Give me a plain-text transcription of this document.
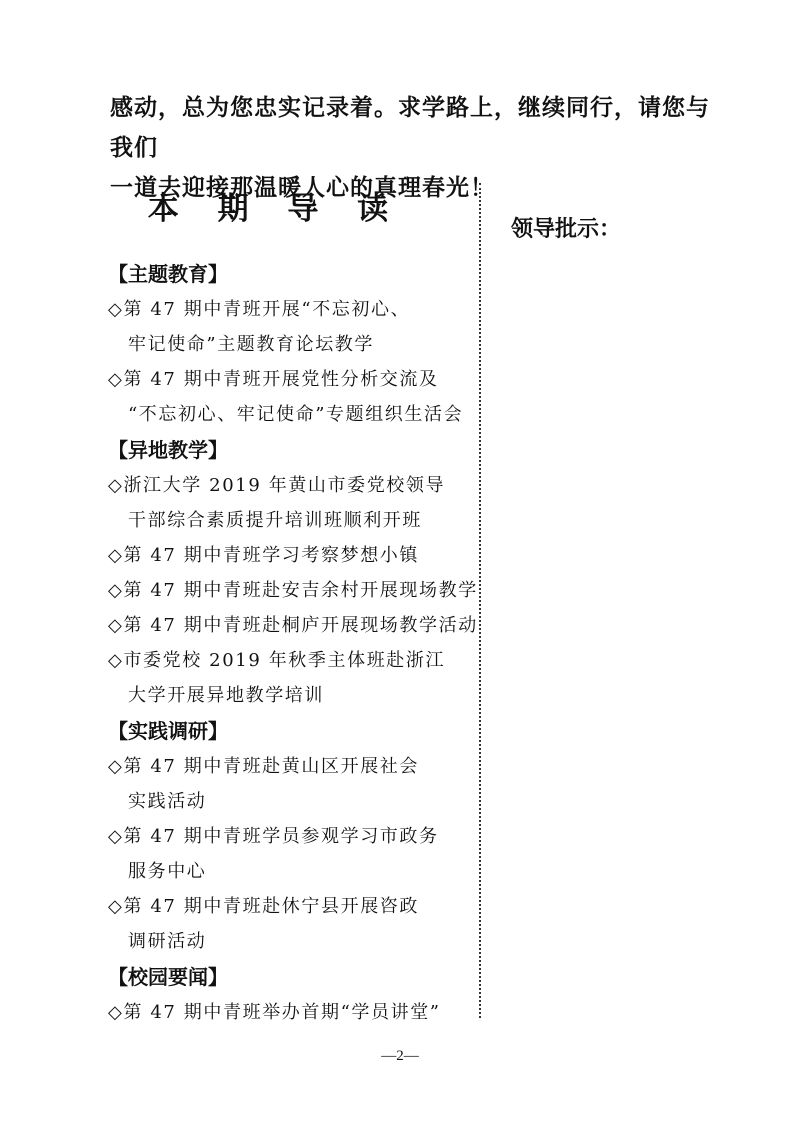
感动，总为您忠实记录着。求学路上，继续同行，请您与我们

一道去迎接那温暖人心的真理春光！

本 期 导 读
【主题教育】
◇第 47 期中青班开展“不忘初心、
牢记使命”主题教育论坛教学
◇第 47 期中青班开展党性分析交流及
“不忘初心、牢记使命”专题组织生活会
【异地教学】
◇浙江大学 2019 年黄山市委党校领导
干部综合素质提升培训班顺利开班
◇第 47 期中青班学习考察梦想小镇
◇第 47 期中青班赴安吉余村开展现场教学
◇第 47 期中青班赴桐庐开展现场教学活动
◇市委党校 2019 年秋季主体班赴浙江
大学开展异地教学培训
【实践调研】
◇第 47 期中青班赴黄山区开展社会
实践活动
◇第 47 期中青班学员参观学习市政务
服务中心
◇第 47 期中青班赴休宁县开展咨政
调研活动
【校园要闻】
◇第 47 期中青班举办首期“学员讲堂”
领导批示：
—2—
